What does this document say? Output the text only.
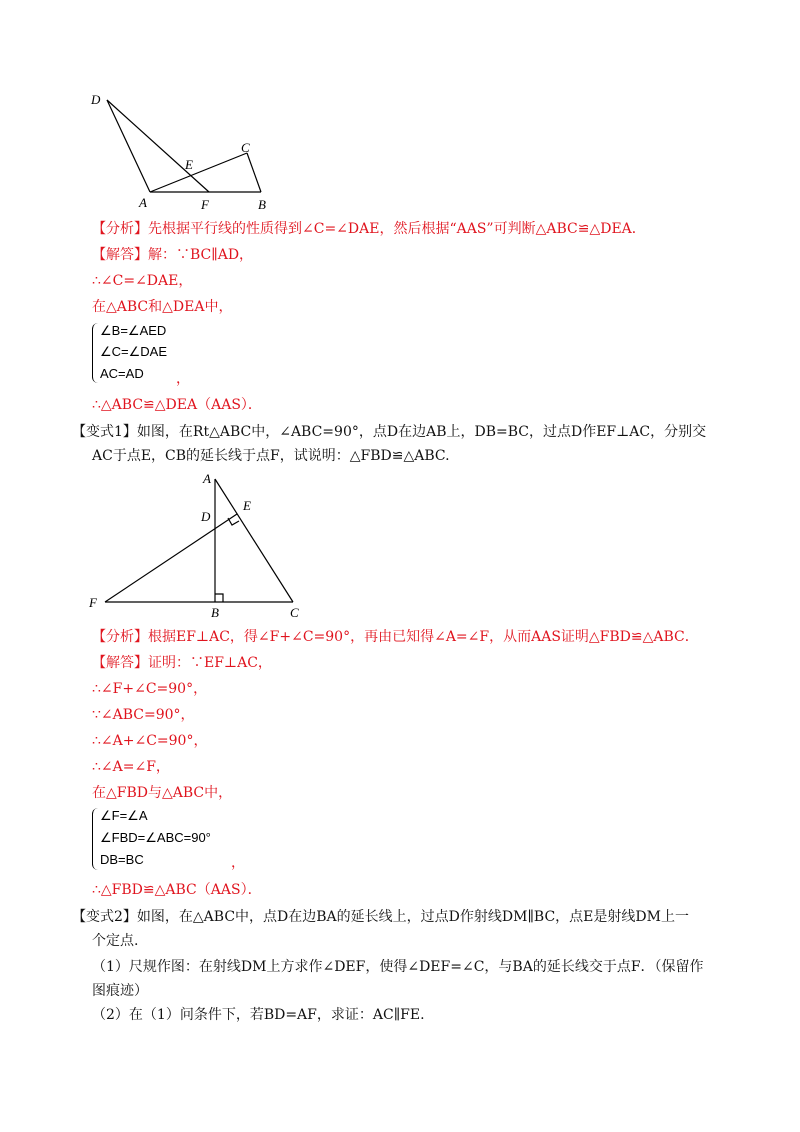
D
E
C
A	F	B
【分析】先根据平行线的性质得到∠C=∠DAE，然后根据“AAS”可判断△ABC≌△DEA．
【解答】解：∵BC∥AD，
∴∠C=∠DAE，
在△ABC和△DEA中，
∠B=∠AED
∠C=∠DAE
AC=AD ，
∴△ABC≌△DEA（AAS）．
【变式1】如图，在Rt△ABC中，∠ABC=90°，点D在边AB上，DB=BC，过点D作EF⊥AC，分别交
AC于点E，CB的延长线于点F，试说明：△FBD≌△ABC.
A
E
D
F
B	C
【分析】根据EF⊥AC，得∠F+∠C=90°，再由已知得∠A=∠F，从而AAS证明△FBD≌△ABC．
【解答】证明：∵EF⊥AC，
∴∠F+∠C=90°，
∵∠ABC=90°，
∴∠A+∠C=90°，
∴∠A=∠F，
在△FBD与△ABC中，
∠F=∠A
∠FBD=∠ABC=90°
DB=BC	，
∴△FBD≌△ABC（AAS）．
【变式2】如图，在△ABC中，点D在边BA的延长线上，过点D作射线DM∥BC，点E是射线DM上一
个定点.
（1）尺规作图：在射线DM上方求作∠DEF，使得∠DEF=∠C，与BA的延长线交于点F．（保留作
图痕迹）
（2）在（1）问条件下，若BD=AF，求证：AC∥FE.
